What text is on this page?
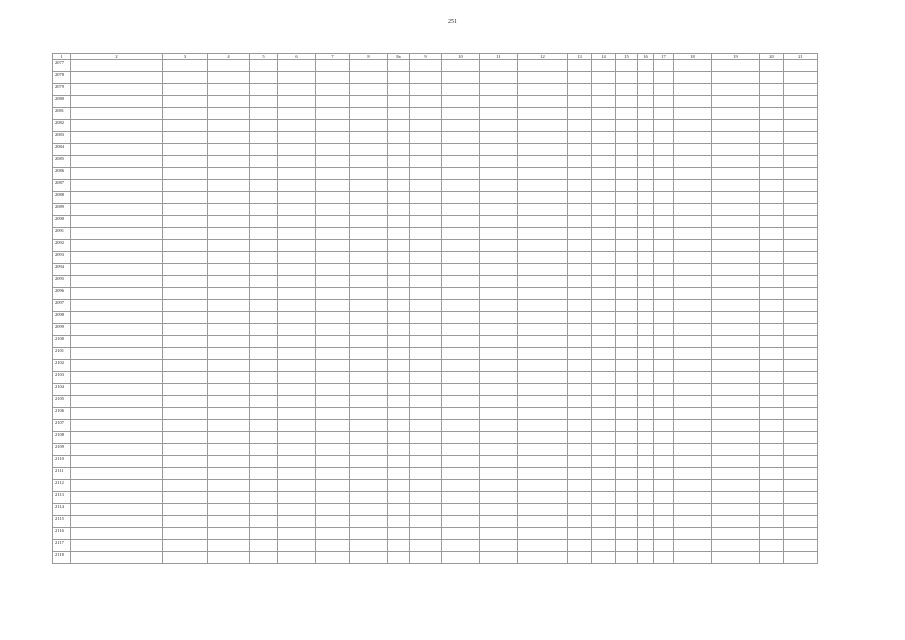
251
1	2	3	4	5	6	7	8	8а	9	10	11	12	13	14	15	16	17	18	19	20	21
2077																					
2078																					
2079																					
2080																					
2081																					
2082																					
2083																					
2084																					
2085																					
2086																					
2087																					
2088																					
2089																					
2090																					
2091																					
2092																					
2093																					
2094																					
2095																					
2096																					
2097																					
2098																					
2099																					
2100																					
2101																					
2102																					
2103																					
2104																					
2105																					
2106																					
2107																					
2108																					
2109																					
2110																					
2111																					
2112																					
2113																					
2114																					
2115																					
2116																					
2117																					
2118																					
